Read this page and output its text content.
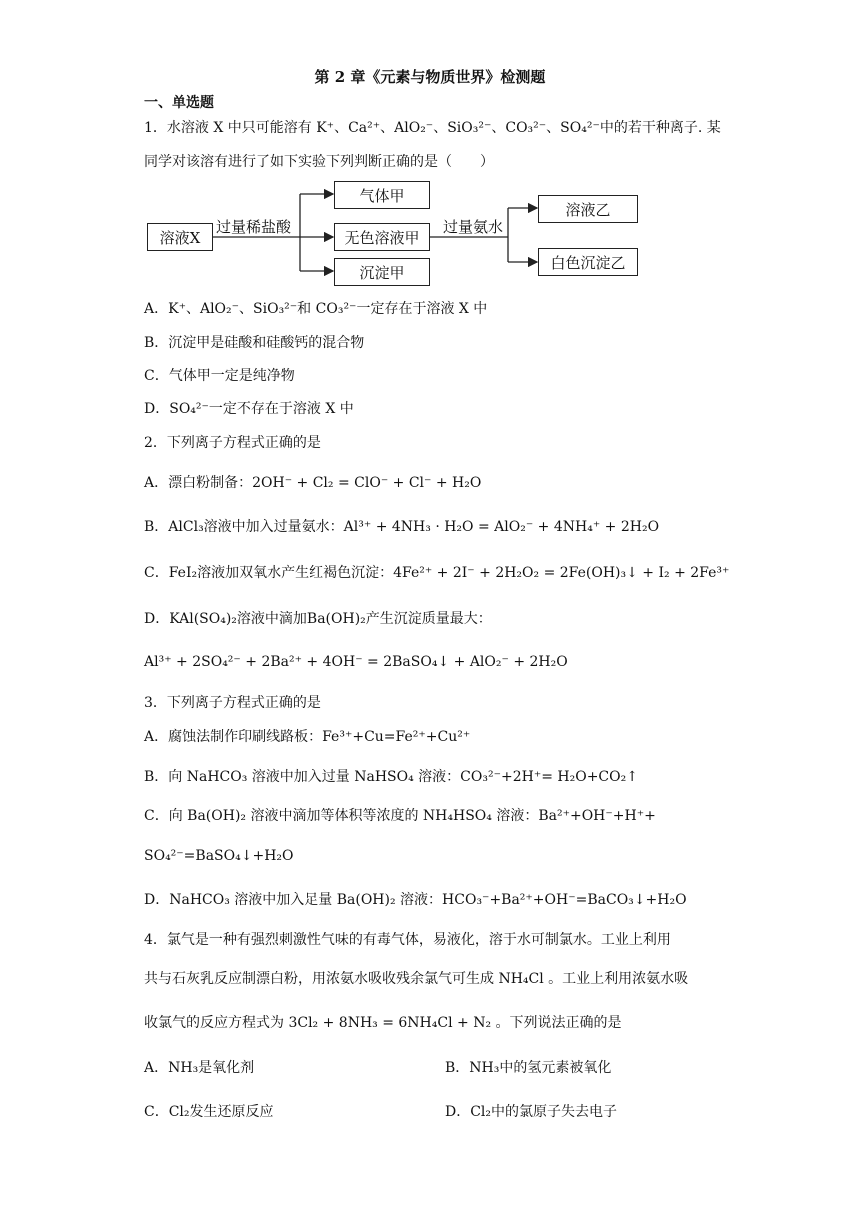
第 2 章《元素与物质世界》检测题
一、单选题
1．水溶液 X 中只可能溶有 K⁺、Ca²⁺、AlO₂⁻、SiO₃²⁻、CO₃²⁻、SO₄²⁻中的若干种离子. 某
同学对该溶有进行了如下实验下列判断正确的是（　　）
溶液X
过量稀盐酸
气体甲
无色溶液甲
沉淀甲
过量氨水
溶液乙
白色沉淀乙
A．K⁺、AlO₂⁻、SiO₃²⁻和 CO₃²⁻一定存在于溶液 X 中
B．沉淀甲是硅酸和硅酸钙的混合物
C．气体甲一定是纯净物
D．SO₄²⁻一定不存在于溶液 X 中
2．下列离子方程式正确的是
A．漂白粉制备：2OH⁻ + Cl₂ = ClO⁻ + Cl⁻ + H₂O
B．AlCl₃溶液中加入过量氨水：Al³⁺ + 4NH₃ · H₂O = AlO₂⁻ + 4NH₄⁺ + 2H₂O
C．FeI₂溶液加双氧水产生红褐色沉淀：4Fe²⁺ + 2I⁻ + 2H₂O₂ = 2Fe(OH)₃↓ + I₂ + 2Fe³⁺
D．KAl(SO₄)₂溶液中滴加Ba(OH)₂产生沉淀质量最大：
Al³⁺ + 2SO₄²⁻ + 2Ba²⁺ + 4OH⁻ = 2BaSO₄↓ + AlO₂⁻ + 2H₂O
3．下列离子方程式正确的是
A．腐蚀法制作印刷线路板：Fe³⁺+Cu=Fe²⁺+Cu²⁺
B．向 NaHCO₃ 溶液中加入过量 NaHSO₄ 溶液：CO₃²⁻+2H⁺= H₂O+CO₂↑
C．向 Ba(OH)₂ 溶液中滴加等体积等浓度的 NH₄HSO₄ 溶液：Ba²⁺+OH⁻+H⁺+
SO₄²⁻=BaSO₄↓+H₂O
D．NaHCO₃ 溶液中加入足量 Ba(OH)₂ 溶液：HCO₃⁻+Ba²⁺+OH⁻=BaCO₃↓+H₂O
4．氯气是一种有强烈刺激性气味的有毒气体，易液化，溶于水可制氯水。工业上利用
共与石灰乳反应制漂白粉，用浓氨水吸收残余氯气可生成 NH₄Cl 。工业上利用浓氨水吸
收氯气的反应方程式为 3Cl₂ + 8NH₃ = 6NH₄Cl + N₂ 。下列说法正确的是
A．NH₃是氧化剂	B．NH₃中的氢元素被氧化
C．Cl₂发生还原反应	D．Cl₂中的氯原子失去电子
